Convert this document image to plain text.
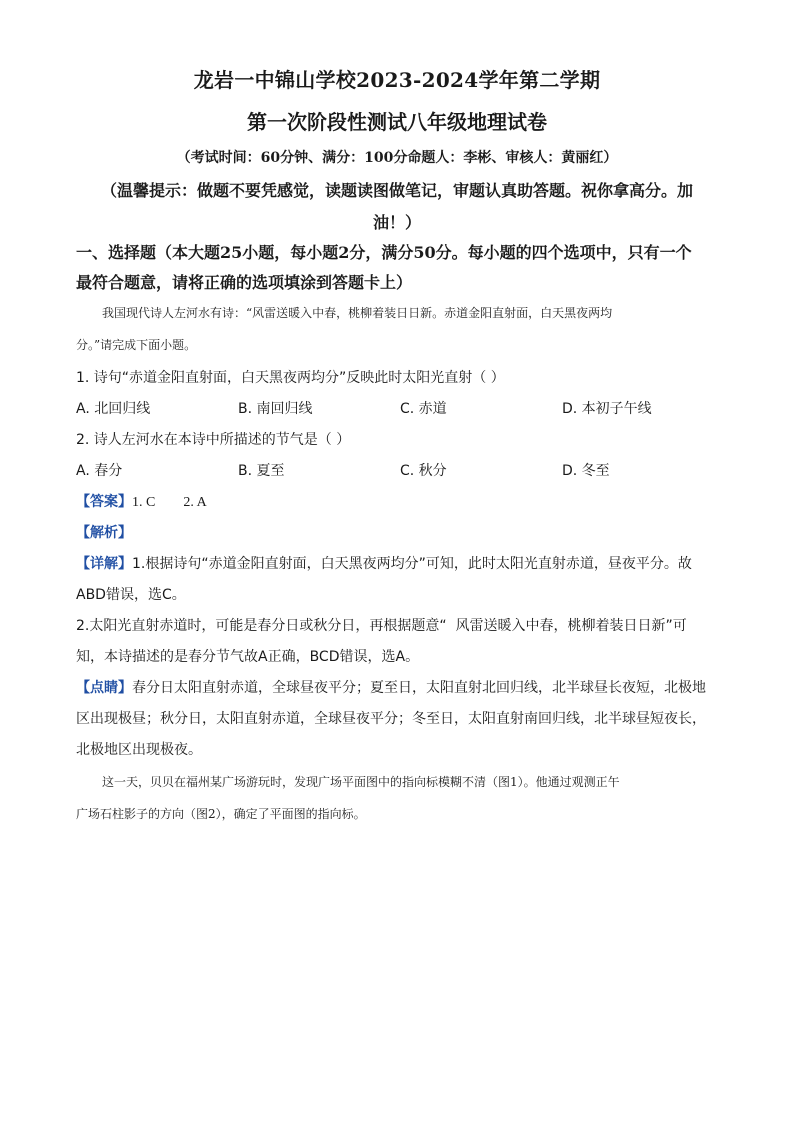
龙岩一中锦山学校2023-2024学年第二学期
第一次阶段性测试八年级地理试卷
（考试时间：60分钟、满分：100分命题人：李彬、审核人：黄丽红）
（温馨提示：做题不要凭感觉，读题读图做笔记，审题认真助答题。祝你拿高分。加
油！）
一、选择题（本大题25小题，每小题2分，满分50分。每小题的四个选项中，只有一个
最符合题意，请将正确的选项填涂到答题卡上）
我国现代诗人左河水有诗：“风雷送暖入中春，桃柳着装日日新。赤道金阳直射面，白天黑夜两均
分。”请完成下面小题。
1. 诗句“赤道金阳直射面，白天黑夜两均分”反映此时太阳光直射（ ）
A. 北回归线	B. 南回归线	C. 赤道	D. 本初子午线
2. 诗人左河水在本诗中所描述的节气是（ ）
A. 春分	B. 夏至	C. 秋分	D. 冬至
【答案】1. C        2. A
【解析】
【详解】1.根据诗句“赤道金阳直射面，白天黑夜两均分”可知，此时太阳光直射赤道，昼夜平分。故
ABD错误，选C。
2.太阳光直射赤道时，可能是春分日或秋分日，再根据题意“  风雷送暖入中春，桃柳着装日日新”可
知，本诗描述的是春分节气故A正确，BCD错误，选A。
【点睛】春分日太阳直射赤道，全球昼夜平分；夏至日，太阳直射北回归线，北半球昼长夜短，北极地
区出现极昼；秋分日，太阳直射赤道，全球昼夜平分；冬至日，太阳直射南回归线，北半球昼短夜长，
北极地区出现极夜。
这一天，贝贝在福州某广场游玩时，发现广场平面图中的指向标模糊不清（图1）。他通过观测正午
广场石柱影子的方向（图2），确定了平面图的指向标。
